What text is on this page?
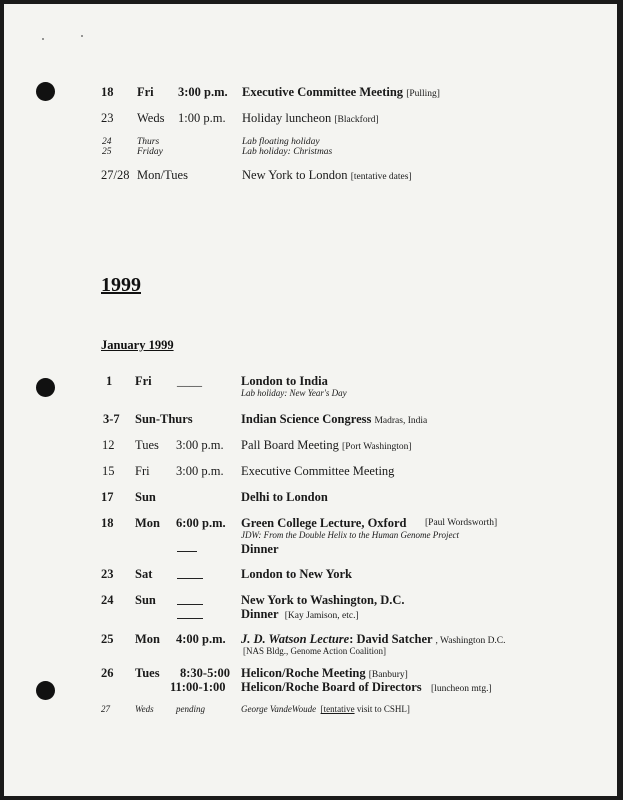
18 Fri 3:00 p.m. Executive Committee Meeting [Pulling]
23 Weds 1:00 p.m. Holiday luncheon [Blackford]
24	Thurs	Lab floating holiday
25	Friday	Lab holiday: Christmas
27/28 Mon/Tues	New York to London [tentative dates]
1999
January 1999
1 Fri ____	London to India
Lab holiday: New Year's Day
3-7 Sun-Thurs	Indian Science Congress Madras, India
12 Tues 3:00 p.m. Pall Board Meeting [Port Washington]
15 Fri 3:00 p.m. Executive Committee Meeting
17 Sun	Delhi to London
18 Mon 6:00 p.m. Green College Lecture, Oxford [Paul Wordsworth]
JDW: From the Double Helix to the Human Genome Project
Dinner
23 Sat	London to New York
24 Sun	New York to Washington, D.C.
Dinner [Kay Jamison, etc.]
25 Mon 4:00 p.m. J. D. Watson Lecture: David Satcher , Washington D.C.
[NAS Bldg., Genome Action Coalition]
26 Tues 8:30-5:00 Helicon/Roche Meeting [Banbury]
11:00-1:00 Helicon/Roche Board of Directors [luncheon mtg.]
27	Weds pending	George VandeWoude [tentative visit to CSHL]
